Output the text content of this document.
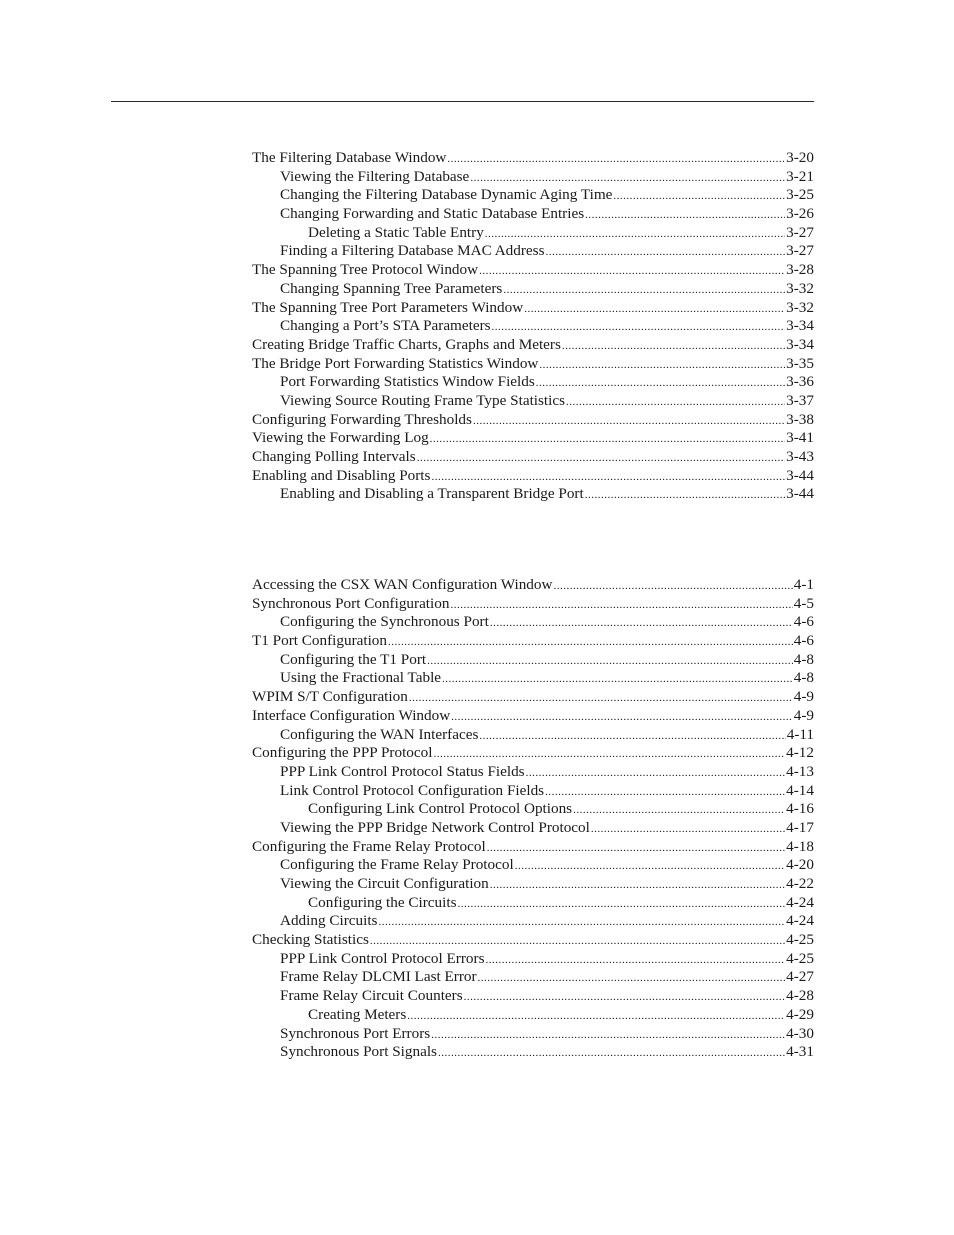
The Filtering Database Window .....	3-20
Viewing the Filtering Database .....	3-21
Changing the Filtering Database Dynamic Aging Time .....	3-25
Changing Forwarding and Static Database Entries .....	3-26
Deleting a Static Table Entry .....	3-27
Finding a Filtering Database MAC Address .....	3-27
The Spanning Tree Protocol Window .....	3-28
Changing Spanning Tree Parameters .....	3-32
The Spanning Tree Port Parameters Window .....	3-32
Changing a Port’s STA Parameters .....	3-34
Creating Bridge Traffic Charts, Graphs and Meters .....	3-34
The Bridge Port Forwarding Statistics Window .....	3-35
Port Forwarding Statistics Window Fields .....	3-36
Viewing Source Routing Frame Type Statistics .....	3-37
Configuring Forwarding Thresholds .....	3-38
Viewing the Forwarding Log .....	3-41
Changing Polling Intervals .....	3-43
Enabling and Disabling Ports .....	3-44
Enabling and Disabling a Transparent Bridge Port .....	3-44
Accessing the CSX WAN Configuration Window .....	4-1
Synchronous Port Configuration .....	4-5
Configuring the Synchronous Port .....	4-6
T1 Port Configuration .....	4-6
Configuring the T1 Port .....	4-8
Using the Fractional Table .....	4-8
WPIM S/T Configuration .....	4-9
Interface Configuration Window .....	4-9
Configuring the WAN Interfaces .....	4-11
Configuring the PPP Protocol .....	4-12
PPP Link Control Protocol Status Fields .....	4-13
Link Control Protocol Configuration Fields .....	4-14
Configuring Link Control Protocol Options .....	4-16
Viewing the PPP Bridge Network Control Protocol .....	4-17
Configuring the Frame Relay Protocol .....	4-18
Configuring the Frame Relay Protocol .....	4-20
Viewing the Circuit Configuration .....	4-22
Configuring the Circuits .....	4-24
Adding Circuits .....	4-24
Checking Statistics .....	4-25
PPP Link Control Protocol Errors .....	4-25
Frame Relay DLCMI Last Error .....	4-27
Frame Relay Circuit Counters .....	4-28
Creating Meters .....	4-29
Synchronous Port Errors .....	4-30
Synchronous Port Signals .....	4-31
